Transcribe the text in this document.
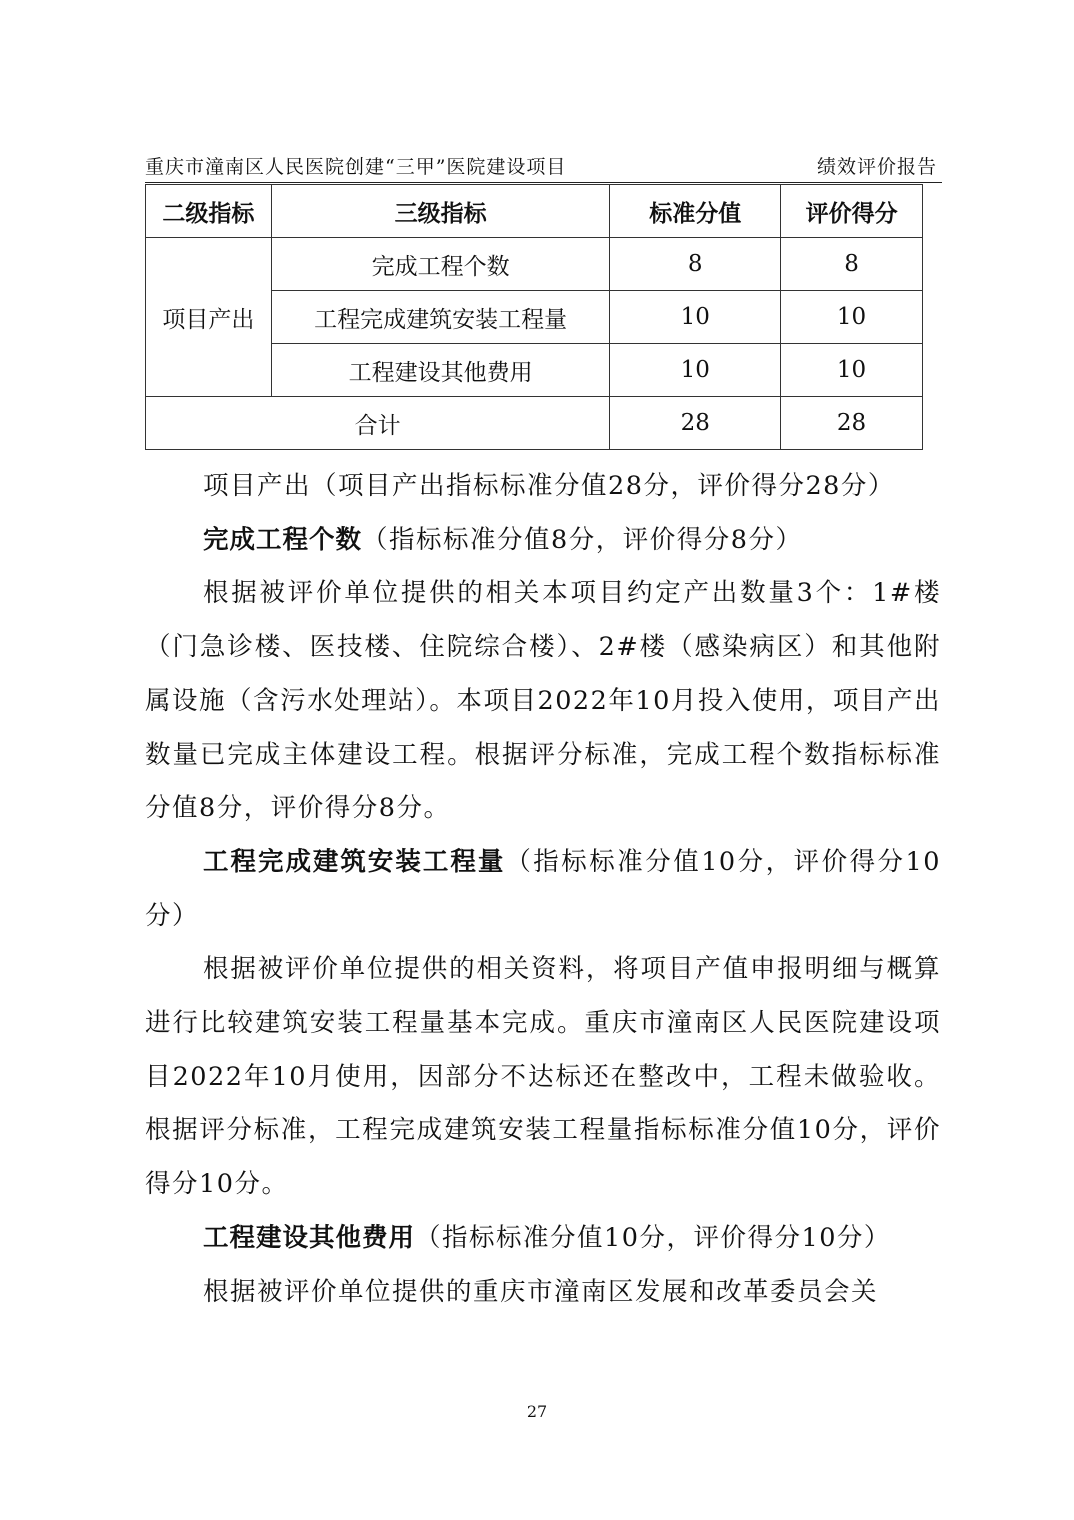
重庆市潼南区人民医院创建“三甲”医院建设项目	绩效评价报告
二级指标	三级指标	标准分值	评价得分
项目产出	完成工程个数	8	8
	工程完成建筑安装工程量	10	10
	工程建设其他费用	10	10
合计		28	28

项目产出（项目产出指标标准分值28分，评价得分28分）

完成工程个数（指标标准分值8分，评价得分8分）

根据被评价单位提供的相关本项目约定产出数量3个：1#楼（门急诊楼、医技楼、住院综合楼）、2#楼（感染病区）和其他附属设施（含污水处理站）。本项目2022年10月投入使用，项目产出数量已完成主体建设工程。根据评分标准，完成工程个数指标标准分值8分，评价得分8分。

工程完成建筑安装工程量（指标标准分值10分，评价得分10分）

根据被评价单位提供的相关资料，将项目产值申报明细与概算进行比较建筑安装工程量基本完成。重庆市潼南区人民医院建设项目2022年10月使用，因部分不达标还在整改中，工程未做验收。根据评分标准，工程完成建筑安装工程量指标标准分值10分，评价得分10分。

工程建设其他费用（指标标准分值10分，评价得分10分）

根据被评价单位提供的重庆市潼南区发展和改革委员会关

27
